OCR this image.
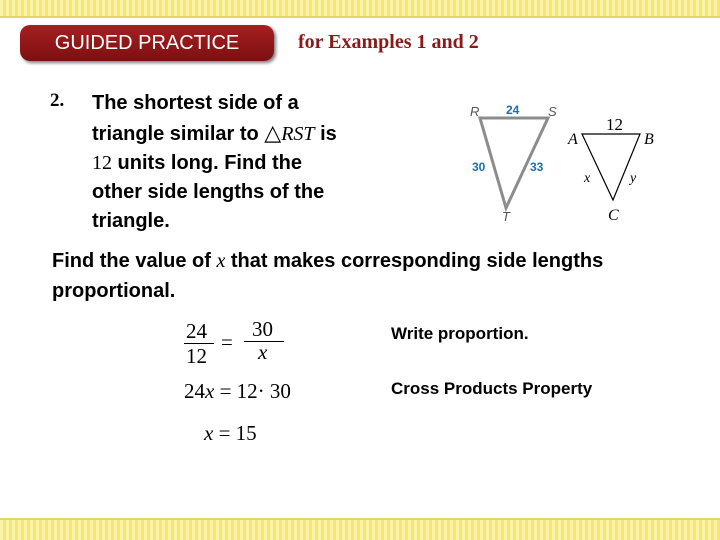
GUIDED PRACTICE	for Examples 1 and 2
2. The shortest side of a
triangle similar to △RST is
12 units long. Find the
other side lengths of the
triangle.
R	S
T
24
30	33
A	B
C
12
x	y
Find the value of x that makes corresponding side lengths proportional.
24
12
=
30
x
Write proportion.
24x = 12· 30	Cross Products Property
x = 15
